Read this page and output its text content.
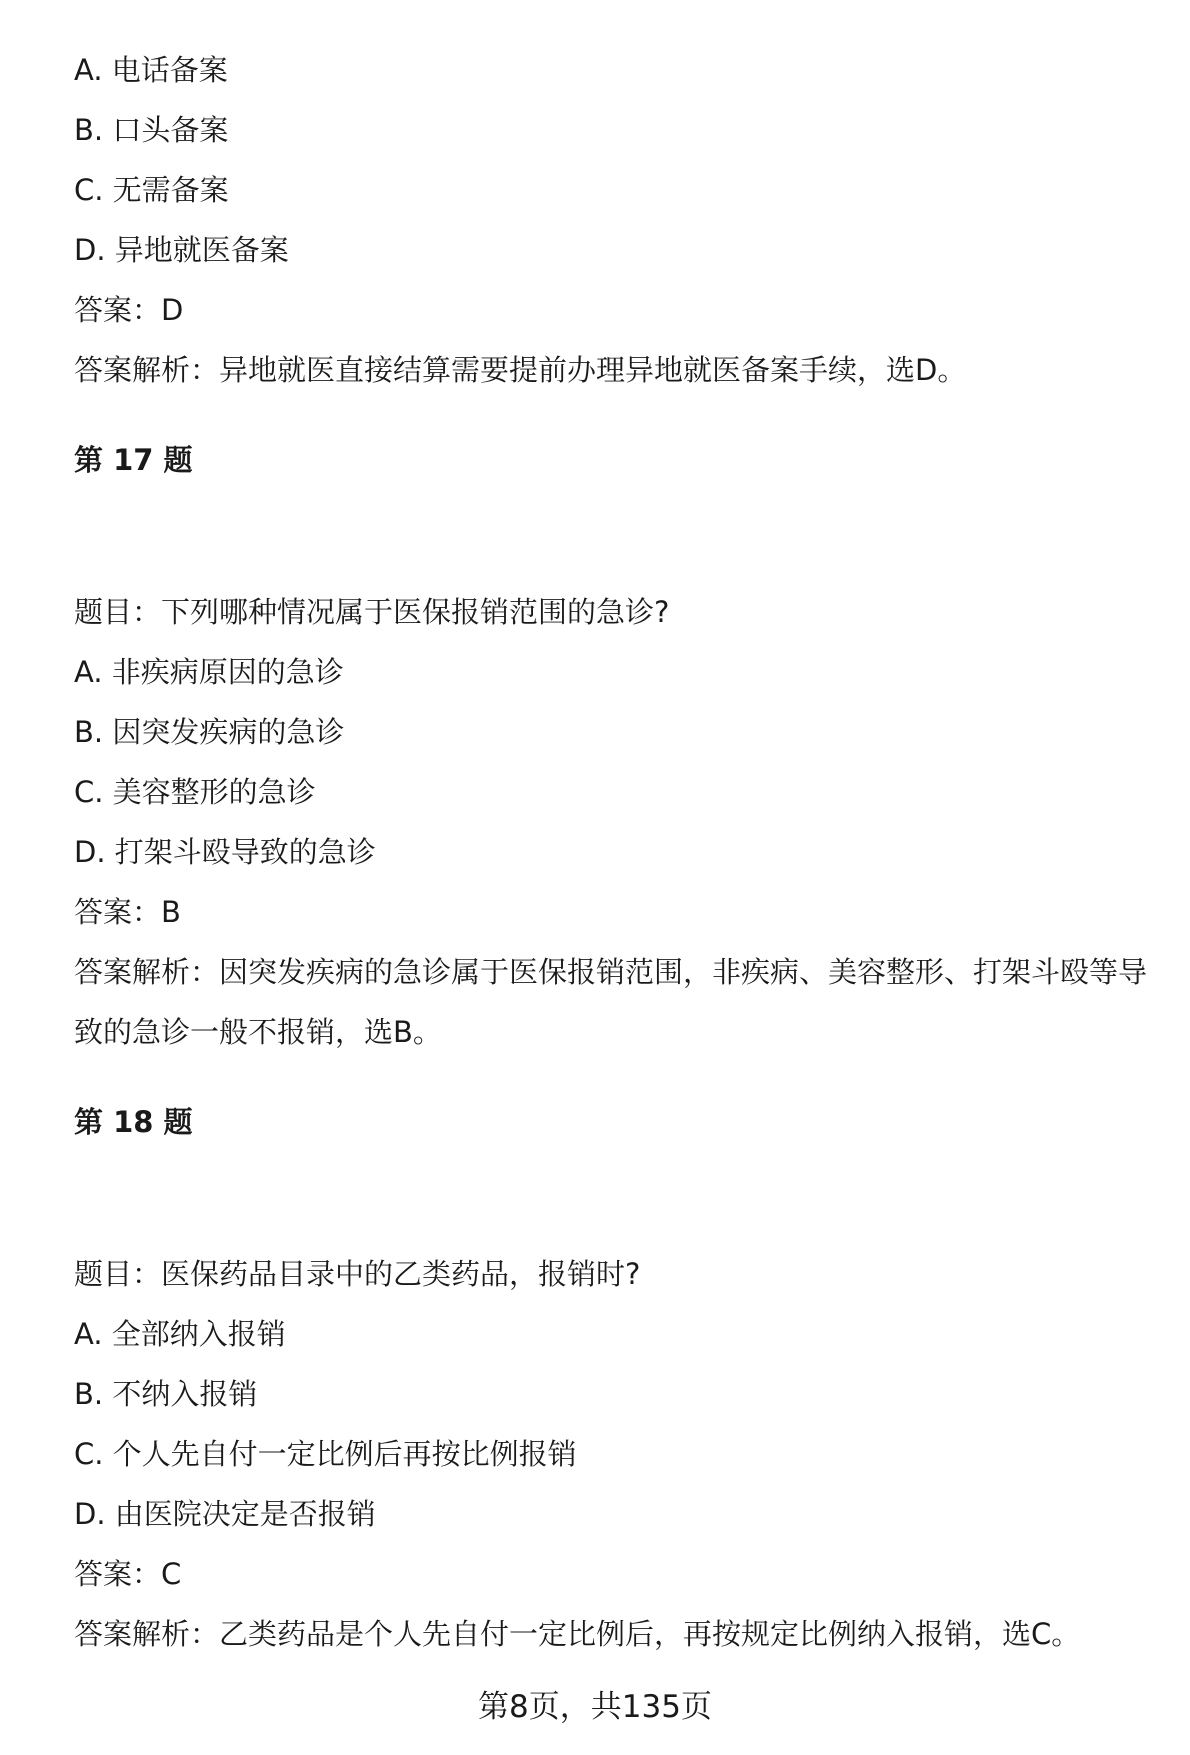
A. 电话备案
B. 口头备案
C. 无需备案
D. 异地就医备案
答案：D
答案解析：异地就医直接结算需要提前办理异地就医备案手续，选D。
第 17 题
题目：下列哪种情况属于医保报销范围的急诊?
A. 非疾病原因的急诊
B. 因突发疾病的急诊
C. 美容整形的急诊
D. 打架斗殴导致的急诊
答案：B
答案解析：因突发疾病的急诊属于医保报销范围，非疾病、美容整形、打架斗殴等导致的急诊一般不报销，选B。
第 18 题
题目：医保药品目录中的乙类药品，报销时?
A. 全部纳入报销
B. 不纳入报销
C. 个人先自付一定比例后再按比例报销
D. 由医院决定是否报销
答案：C
答案解析：乙类药品是个人先自付一定比例后，再按规定比例纳入报销，选C。
第8页，共135页
